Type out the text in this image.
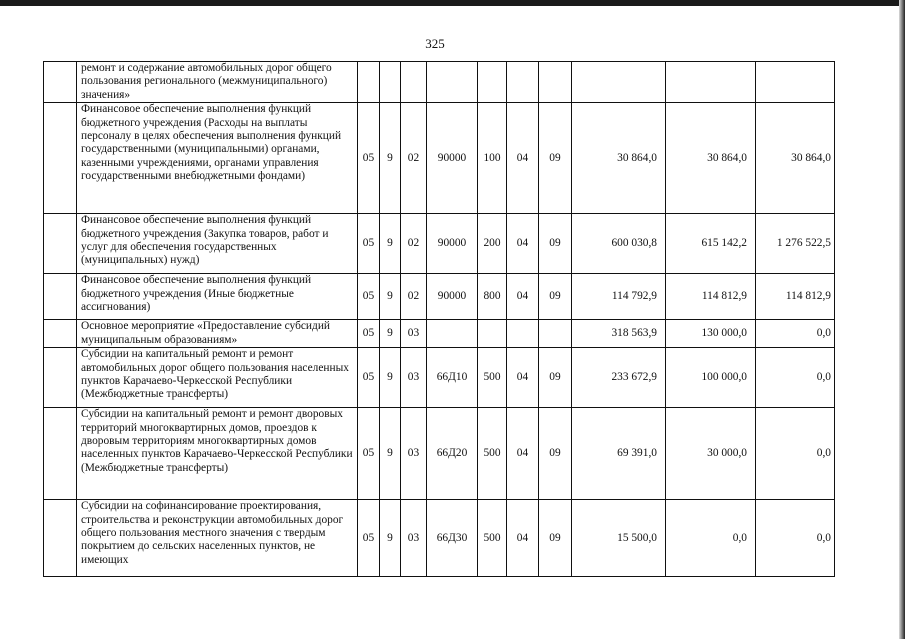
325
	ремонт и содержание автомобильных дорог общего пользования регионального (межмуниципального) значения»										
	Финансовое обеспечение выполнения функций бюджетного учреждения (Расходы на выплаты персоналу в целях обеспечения выполнения функций государственными (муниципальными) органами, казенными учреждениями, органами управления государственными внебюджетными фондами)	05	9	02	90000	100	04	09	30 864,0	30 864,0	30 864,0
	Финансовое обеспечение выполнения функций бюджетного учреждения (Закупка товаров, работ и услуг для обеспечения государственных (муниципальных) нужд)	05	9	02	90000	200	04	09	600 030,8	615 142,2	1 276 522,5
	Финансовое обеспечение выполнения функций бюджетного учреждения (Иные бюджетные ассигнования)	05	9	02	90000	800	04	09	114 792,9	114 812,9	114 812,9
	Основное мероприятие «Предоставление субсидий муниципальным образованиям»	05	9	03					318 563,9	130 000,0	0,0
	Субсидии на капитальный ремонт и ремонт автомобильных дорог общего пользования населенных пунктов Карачаево-Черкесской Республики (Межбюджетные трансферты)	05	9	03	66Д10	500	04	09	233 672,9	100 000,0	0,0
	Субсидии на капитальный ремонт и ремонт дворовых территорий многоквартирных домов, проездов к дворовым территориям многоквартирных домов населенных пунктов Карачаево-Черкесской Республики (Межбюджетные трансферты)	05	9	03	66Д20	500	04	09	69 391,0	30 000,0	0,0
	Субсидии на софинансирование проектирования, строительства и реконструкции автомобильных дорог общего пользования местного значения с твердым покрытием до сельских населенных пунктов, не имеющих	05	9	03	66Д30	500	04	09	15 500,0	0,0	0,0
